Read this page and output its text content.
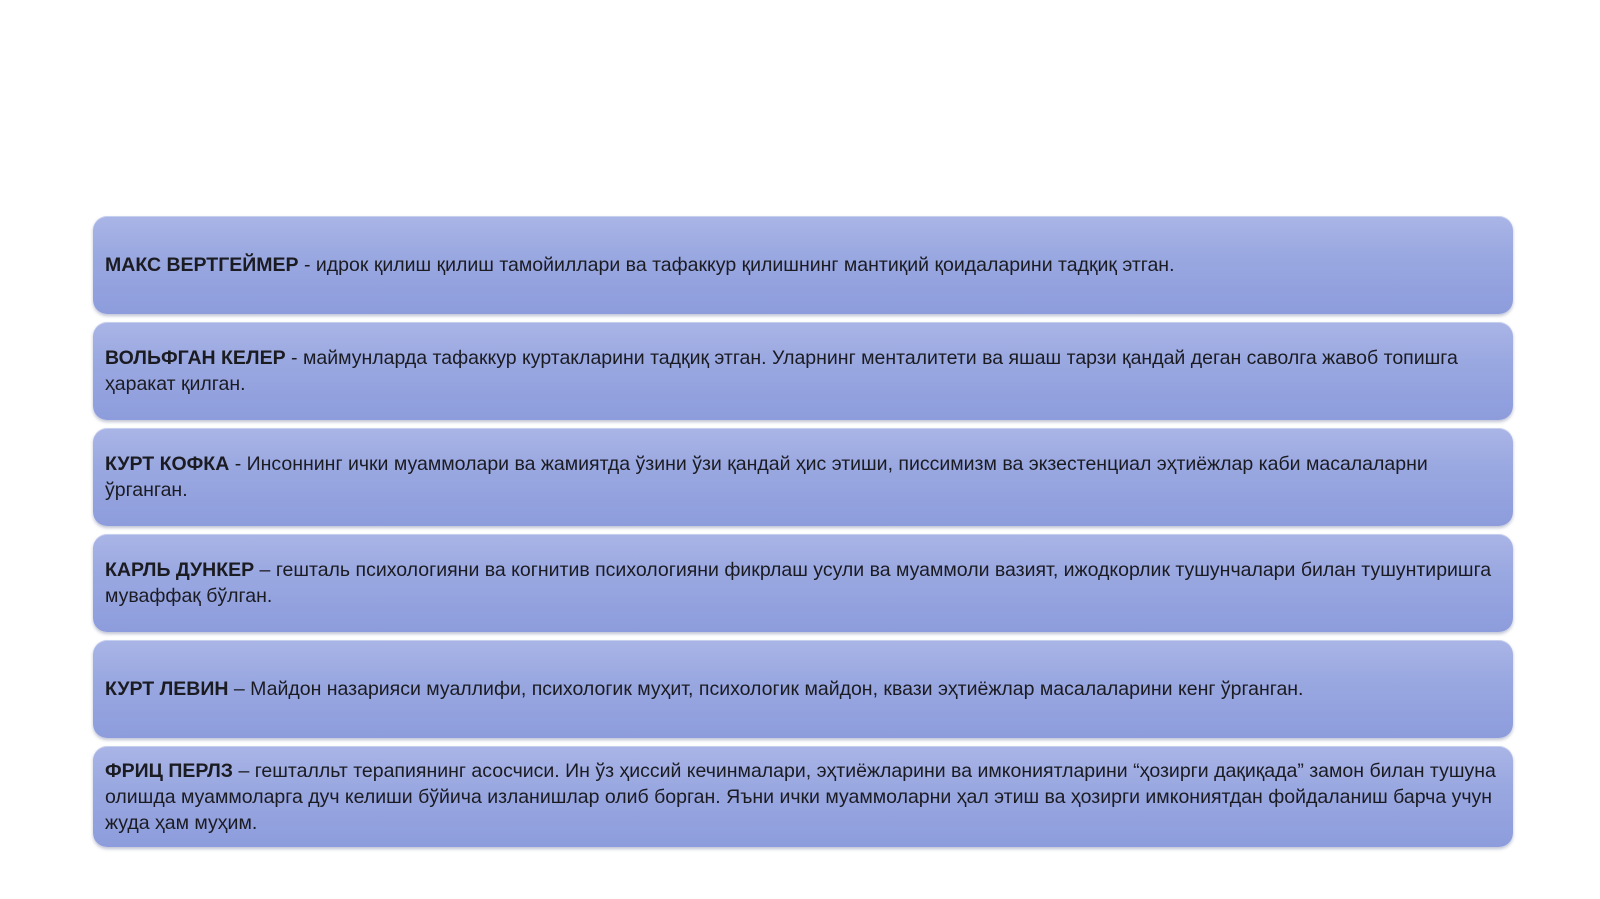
МАКС ВЕРТГЕЙМЕР - идрок қилиш қилиш тамойиллари ва тафаккур қилишнинг мантиқий қоидаларини тадқиқ этган.
ВОЛЬФГАН КЕЛЕР - маймунларда тафаккур куртакларини тадқиқ этган. Уларнинг менталитети ва яшаш тарзи қандай деган саволга жавоб топишга ҳаракат қилган.
КУРТ КОФКА - Инсоннинг ички муаммолари ва жамиятда ўзини ўзи қандай ҳис этиши, писсимизм ва экзестенциал эҳтиёжлар каби масалаларни ўрганган.
КАРЛЬ ДУНКЕР – гешталь психологияни ва когнитив психологияни фикрлаш усули ва муаммоли вазият, ижодкорлик тушунчалари билан тушунтиришга муваффақ бўлган.
КУРТ ЛЕВИН – Майдон назарияси муаллифи, психологик муҳит, психологик майдон, квази эҳтиёжлар масалаларини кенг ўрганган.
ФРИЦ ПЕРЛЗ – гешталльт терапиянинг асосчиси. Ин ўз ҳиссий кечинмалари, эҳтиёжларини ва имкониятларини “ҳозирги дақиқада” замон билан тушуна олишда муаммоларга дуч келиши бўйича изланишлар олиб борган. Яъни ички муаммоларни ҳал этиш ва ҳозирги имкониятдан фойдаланиш барча учун жуда ҳам муҳим.
